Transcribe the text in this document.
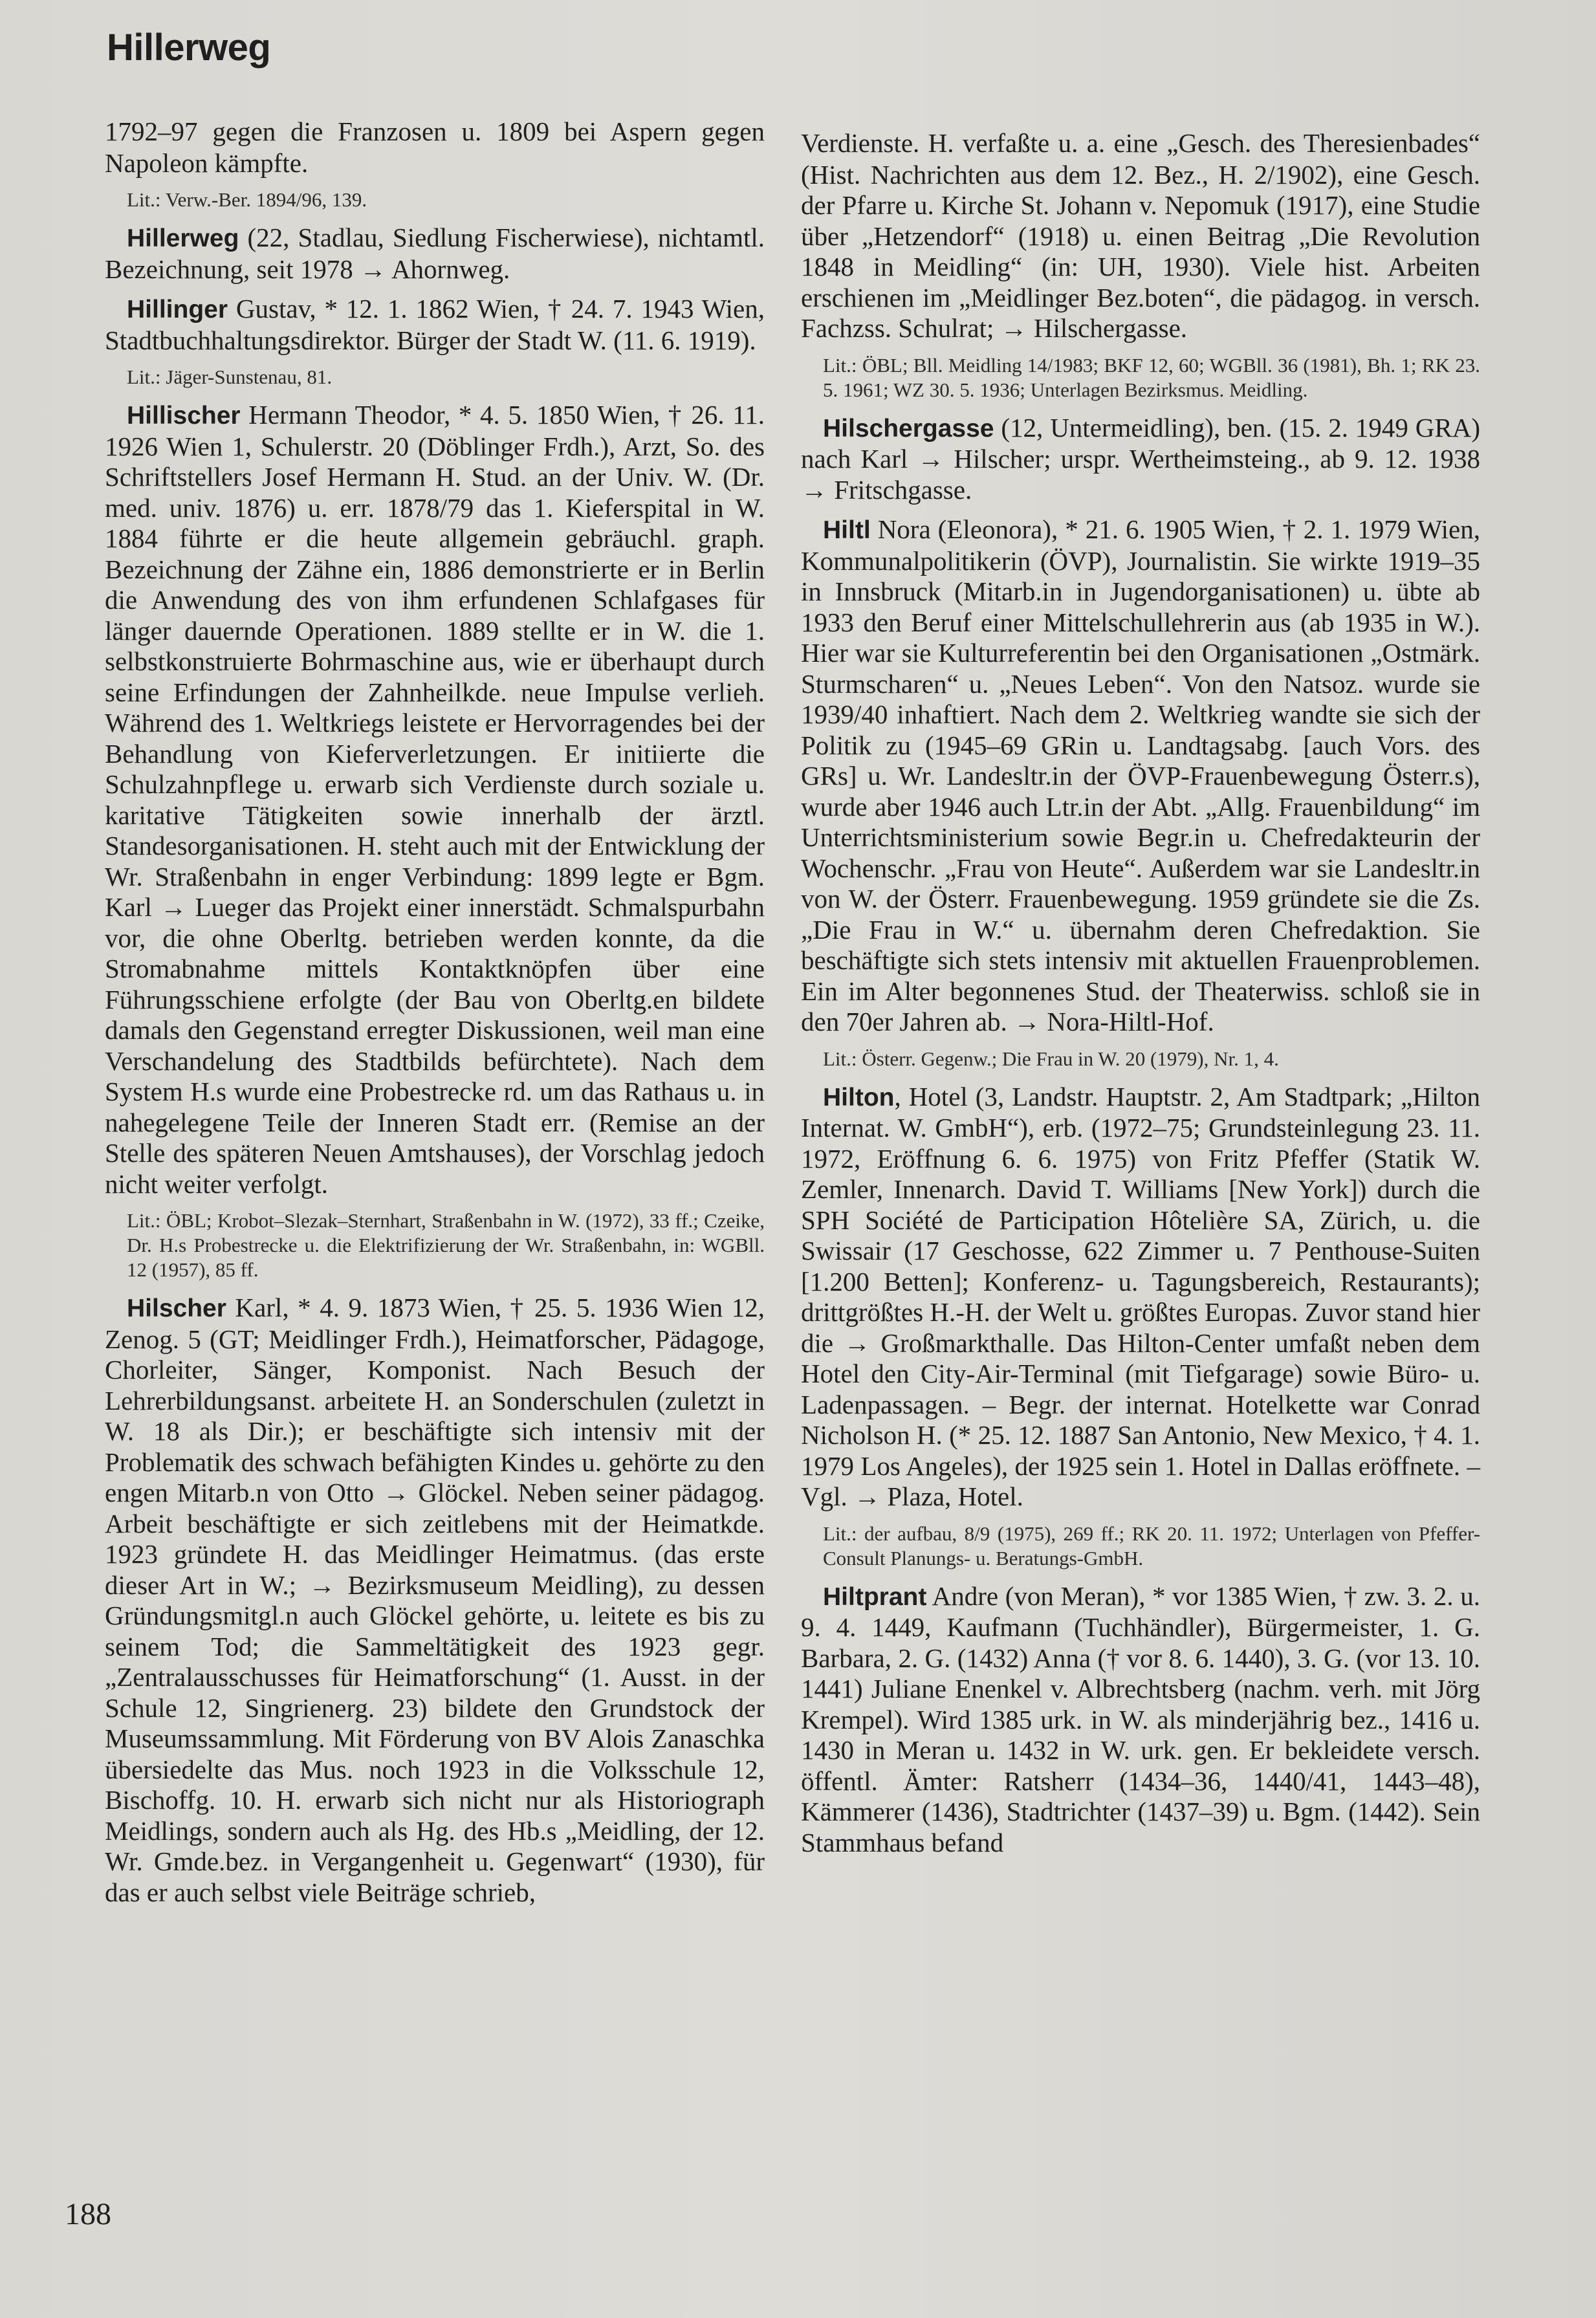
Hillerweg
1792–97 gegen die Franzosen u. 1809 bei Aspern gegen Napoleon kämpfte.
Lit.: Verw.-Ber. 1894/96, 139.
Hillerweg (22, Stadlau, Siedlung Fischerwiese), nichtamtl. Bezeichnung, seit 1978 → Ahornweg.
Hillinger Gustav, * 12. 1. 1862 Wien, † 24. 7. 1943 Wien, Stadtbuchhaltungsdirektor. Bürger der Stadt W. (11. 6. 1919).
Lit.: Jäger-Sunstenau, 81.
Hillischer Hermann Theodor, * 4. 5. 1850 Wien, † 26. 11. 1926 Wien 1, Schulerstr. 20 (Döblinger Frdh.), Arzt, So. des Schriftstellers Josef Hermann H. Stud. an der Univ. W. (Dr. med. univ. 1876) u. err. 1878/79 das 1. Kieferspital in W. 1884 führte er die heute allgemein gebräuchl. graph. Bezeichnung der Zähne ein, 1886 demonstrierte er in Berlin die Anwendung des von ihm erfundenen Schlafgases für länger dauernde Operationen. 1889 stellte er in W. die 1. selbstkonstruierte Bohrmaschine aus, wie er überhaupt durch seine Erfindungen der Zahnheilkde. neue Impulse verlieh. Während des 1. Weltkriegs leistete er Hervorragendes bei der Behandlung von Kieferverletzungen. Er initiierte die Schulzahnpflege u. erwarb sich Verdienste durch soziale u. karitative Tätigkeiten sowie innerhalb der ärztl. Standesorganisationen. H. steht auch mit der Entwicklung der Wr. Straßenbahn in enger Verbindung: 1899 legte er Bgm. Karl → Lueger das Projekt einer innerstädt. Schmalspurbahn vor, die ohne Oberltg. betrieben werden konnte, da die Stromabnahme mittels Kontaktknöpfen über eine Führungsschiene erfolgte (der Bau von Oberltg.en bildete damals den Gegenstand erregter Diskussionen, weil man eine Verschandelung des Stadtbilds befürchtete). Nach dem System H.s wurde eine Probestrecke rd. um das Rathaus u. in nahegelegene Teile der Inneren Stadt err. (Remise an der Stelle des späteren Neuen Amtshauses), der Vorschlag jedoch nicht weiter verfolgt.
Lit.: ÖBL; Krobot–Slezak–Sternhart, Straßenbahn in W. (1972), 33 ff.; Czeike, Dr. H.s Probestrecke u. die Elektrifizierung der Wr. Straßenbahn, in: WGBll. 12 (1957), 85 ff.
Hilscher Karl, * 4. 9. 1873 Wien, † 25. 5. 1936 Wien 12, Zenog. 5 (GT; Meidlinger Frdh.), Heimatforscher, Pädagoge, Chorleiter, Sänger, Komponist. Nach Besuch der Lehrerbildungsanst. arbeitete H. an Sonderschulen (zuletzt in W. 18 als Dir.); er beschäftigte sich intensiv mit der Problematik des schwach befähigten Kindes u. gehörte zu den engen Mitarb.n von Otto → Glöckel. Neben seiner pädagog. Arbeit beschäftigte er sich zeitlebens mit der Heimatkde. 1923 gründete H. das Meidlinger Heimatmus. (das erste dieser Art in W.; → Bezirksmuseum Meidling), zu dessen Gründungsmitgl.n auch Glöckel gehörte, u. leitete es bis zu seinem Tod; die Sammeltätigkeit des 1923 gegr. „Zentralausschusses für Heimatforschung“ (1. Ausst. in der Schule 12, Singrienerg. 23) bildete den Grundstock der Museumssammlung. Mit Förderung von BV Alois Zanaschka übersiedelte das Mus. noch 1923 in die Volksschule 12, Bischoffg. 10. H. erwarb sich nicht nur als Historiograph Meidlings, sondern auch als Hg. des Hb.s „Meidling, der 12. Wr. Gmde.bez. in Vergangenheit u. Gegenwart“ (1930), für das er auch selbst viele Beiträge schrieb,
Verdienste. H. verfaßte u. a. eine „Gesch. des Theresienbades“ (Hist. Nachrichten aus dem 12. Bez., H. 2/1902), eine Gesch. der Pfarre u. Kirche St. Johann v. Nepomuk (1917), eine Studie über „Hetzendorf“ (1918) u. einen Beitrag „Die Revolution 1848 in Meidling“ (in: UH, 1930). Viele hist. Arbeiten erschienen im „Meidlinger Bez.boten“, die pädagog. in versch. Fachzss. Schulrat; → Hilschergasse.
Lit.: ÖBL; Bll. Meidling 14/1983; BKF 12, 60; WGBll. 36 (1981), Bh. 1; RK 23. 5. 1961; WZ 30. 5. 1936; Unterlagen Bezirksmus. Meidling.
Hilschergasse (12, Untermeidling), ben. (15. 2. 1949 GRA) nach Karl → Hilscher; urspr. Wertheimsteing., ab 9. 12. 1938 → Fritschgasse.
Hiltl Nora (Eleonora), * 21. 6. 1905 Wien, † 2. 1. 1979 Wien, Kommunalpolitikerin (ÖVP), Journalistin. Sie wirkte 1919–35 in Innsbruck (Mitarb.in in Jugendorganisationen) u. übte ab 1933 den Beruf einer Mittelschullehrerin aus (ab 1935 in W.). Hier war sie Kulturreferentin bei den Organisationen „Ostmärk. Sturmscharen“ u. „Neues Leben“. Von den Natsoz. wurde sie 1939/40 inhaftiert. Nach dem 2. Weltkrieg wandte sie sich der Politik zu (1945–69 GRin u. Landtagsabg. [auch Vors. des GRs] u. Wr. Landesltr.in der ÖVP-Frauenbewegung Österr.s), wurde aber 1946 auch Ltr.in der Abt. „Allg. Frauenbildung“ im Unterrichtsministerium sowie Begr.in u. Chefredakteurin der Wochenschr. „Frau von Heute“. Außerdem war sie Landesltr.in von W. der Österr. Frauenbewegung. 1959 gründete sie die Zs. „Die Frau in W.“ u. übernahm deren Chefredaktion. Sie beschäftigte sich stets intensiv mit aktuellen Frauenproblemen. Ein im Alter begonnenes Stud. der Theaterwiss. schloß sie in den 70er Jahren ab. → Nora-Hiltl-Hof.
Lit.: Österr. Gegenw.; Die Frau in W. 20 (1979), Nr. 1, 4.
Hilton, Hotel (3, Landstr. Hauptstr. 2, Am Stadtpark; „Hilton Internat. W. GmbH“), erb. (1972–75; Grundsteinlegung 23. 11. 1972, Eröffnung 6. 6. 1975) von Fritz Pfeffer (Statik W. Zemler, Innenarch. David T. Williams [New York]) durch die SPH Société de Participation Hôtelière SA, Zürich, u. die Swissair (17 Geschosse, 622 Zimmer u. 7 Penthouse-Suiten [1.200 Betten]; Konferenz- u. Tagungsbereich, Restaurants); drittgrößtes H.-H. der Welt u. größtes Europas. Zuvor stand hier die → Großmarkthalle. Das Hilton-Center umfaßt neben dem Hotel den City-Air-Terminal (mit Tiefgarage) sowie Büro- u. Ladenpassagen. – Begr. der internat. Hotelkette war Conrad Nicholson H. (* 25. 12. 1887 San Antonio, New Mexico, † 4. 1. 1979 Los Angeles), der 1925 sein 1. Hotel in Dallas eröffnete. – Vgl. → Plaza, Hotel.
Lit.: der aufbau, 8/9 (1975), 269 ff.; RK 20. 11. 1972; Unterlagen von Pfeffer-Consult Planungs- u. Beratungs-GmbH.
Hiltprant Andre (von Meran), * vor 1385 Wien, † zw. 3. 2. u. 9. 4. 1449, Kaufmann (Tuchhändler), Bürgermeister, 1. G. Barbara, 2. G. (1432) Anna († vor 8. 6. 1440), 3. G. (vor 13. 10. 1441) Juliane Enenkel v. Albrechtsberg (nachm. verh. mit Jörg Krempel). Wird 1385 urk. in W. als minderjährig bez., 1416 u. 1430 in Meran u. 1432 in W. urk. gen. Er bekleidete versch. öffentl. Ämter: Ratsherr (1434–36, 1440/41, 1443–48), Kämmerer (1436), Stadtrichter (1437–39) u. Bgm. (1442). Sein Stammhaus befand
188
